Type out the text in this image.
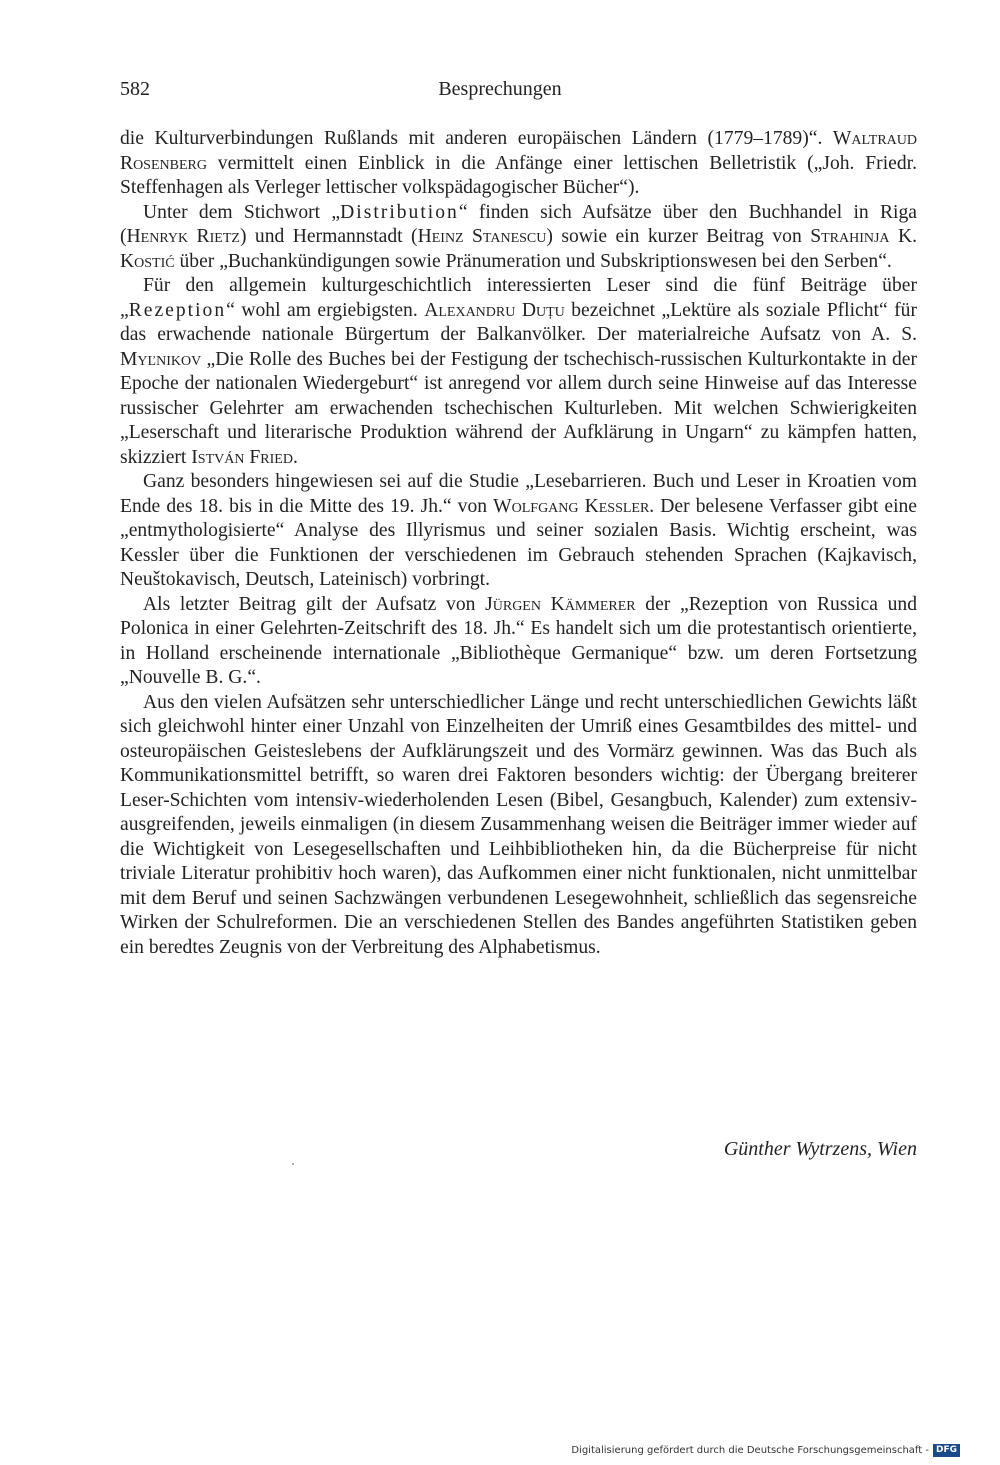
582	Besprechungen

die Kulturverbindungen Rußlands mit anderen europäischen Ländern (1779–1789)“. Waltraud Rosenberg vermittelt einen Einblick in die Anfänge einer lettischen Belletristik („Joh. Friedr. Steffenhagen als Verleger lettischer volkspädagogischer Bücher“).

Unter dem Stichwort „Distribution“ finden sich Aufsätze über den Buchhandel in Riga (Henryk Rietz) und Hermannstadt (Heinz Stanescu) sowie ein kurzer Beitrag von Strahinja K. Kostić über „Buchankündigungen sowie Pränumeration und Subskriptionswesen bei den Serben“.

Für den allgemein kulturgeschichtlich interessierten Leser sind die fünf Beiträge über „Rezeption“ wohl am ergiebigsten. Alexandru Duțu bezeichnet „Lektüre als soziale Pflicht“ für das erwachende nationale Bürgertum der Balkanvölker. Der materialreiche Aufsatz von A. S. Myľnikov „Die Rolle des Buches bei der Festigung der tschechisch-russischen Kulturkontakte in der Epoche der nationalen Wiedergeburt“ ist anregend vor allem durch seine Hinweise auf das Interesse russischer Gelehrter am erwachenden tschechischen Kulturleben. Mit welchen Schwierigkeiten „Leserschaft und literarische Produktion während der Aufklärung in Ungarn“ zu kämpfen hatten, skizziert István Fried.

Ganz besonders hingewiesen sei auf die Studie „Lesebarrieren. Buch und Leser in Kroatien vom Ende des 18. bis in die Mitte des 19. Jh.“ von Wolfgang Kessler. Der belesene Verfasser gibt eine „entmythologisierte“ Analyse des Illyrismus und seiner sozialen Basis. Wichtig erscheint, was Kessler über die Funktionen der verschiedenen im Gebrauch stehenden Sprachen (Kajkavisch, Neuštokavisch, Deutsch, Lateinisch) vorbringt.

Als letzter Beitrag gilt der Aufsatz von Jürgen Kämmerer der „Rezeption von Russica und Polonica in einer Gelehrten-Zeitschrift des 18. Jh.“ Es handelt sich um die protestantisch orientierte, in Holland erscheinende internationale „Bibliothèque Germanique“ bzw. um deren Fortsetzung „Nouvelle B. G.“.

Aus den vielen Aufsätzen sehr unterschiedlicher Länge und recht unterschiedlichen Gewichts läßt sich gleichwohl hinter einer Unzahl von Einzelheiten der Umriß eines Gesamtbildes des mittel- und osteuropäischen Geisteslebens der Aufklärungszeit und des Vormärz gewinnen. Was das Buch als Kommunikationsmittel betrifft, so waren drei Faktoren besonders wichtig: der Übergang breiterer Leser-Schichten vom intensiv-wiederholenden Lesen (Bibel, Gesangbuch, Kalender) zum extensiv-ausgreifenden, jeweils einmaligen (in diesem Zusammenhang weisen die Beiträger immer wieder auf die Wichtigkeit von Lesegesellschaften und Leihbibliotheken hin, da die Bücherpreise für nicht triviale Literatur prohibitiv hoch waren), das Aufkommen einer nicht funktionalen, nicht unmittelbar mit dem Beruf und seinen Sachzwängen verbundenen Lesegewohnheit, schließlich das segensreiche Wirken der Schulreformen. Die an verschiedenen Stellen des Bandes angeführten Statistiken geben ein beredtes Zeugnis von der Verbreitung des Alphabetismus.

Günther Wytrzens, Wien
Digitalisierung gefördert durch die Deutsche Forschungsgemeinschaft - DFG
